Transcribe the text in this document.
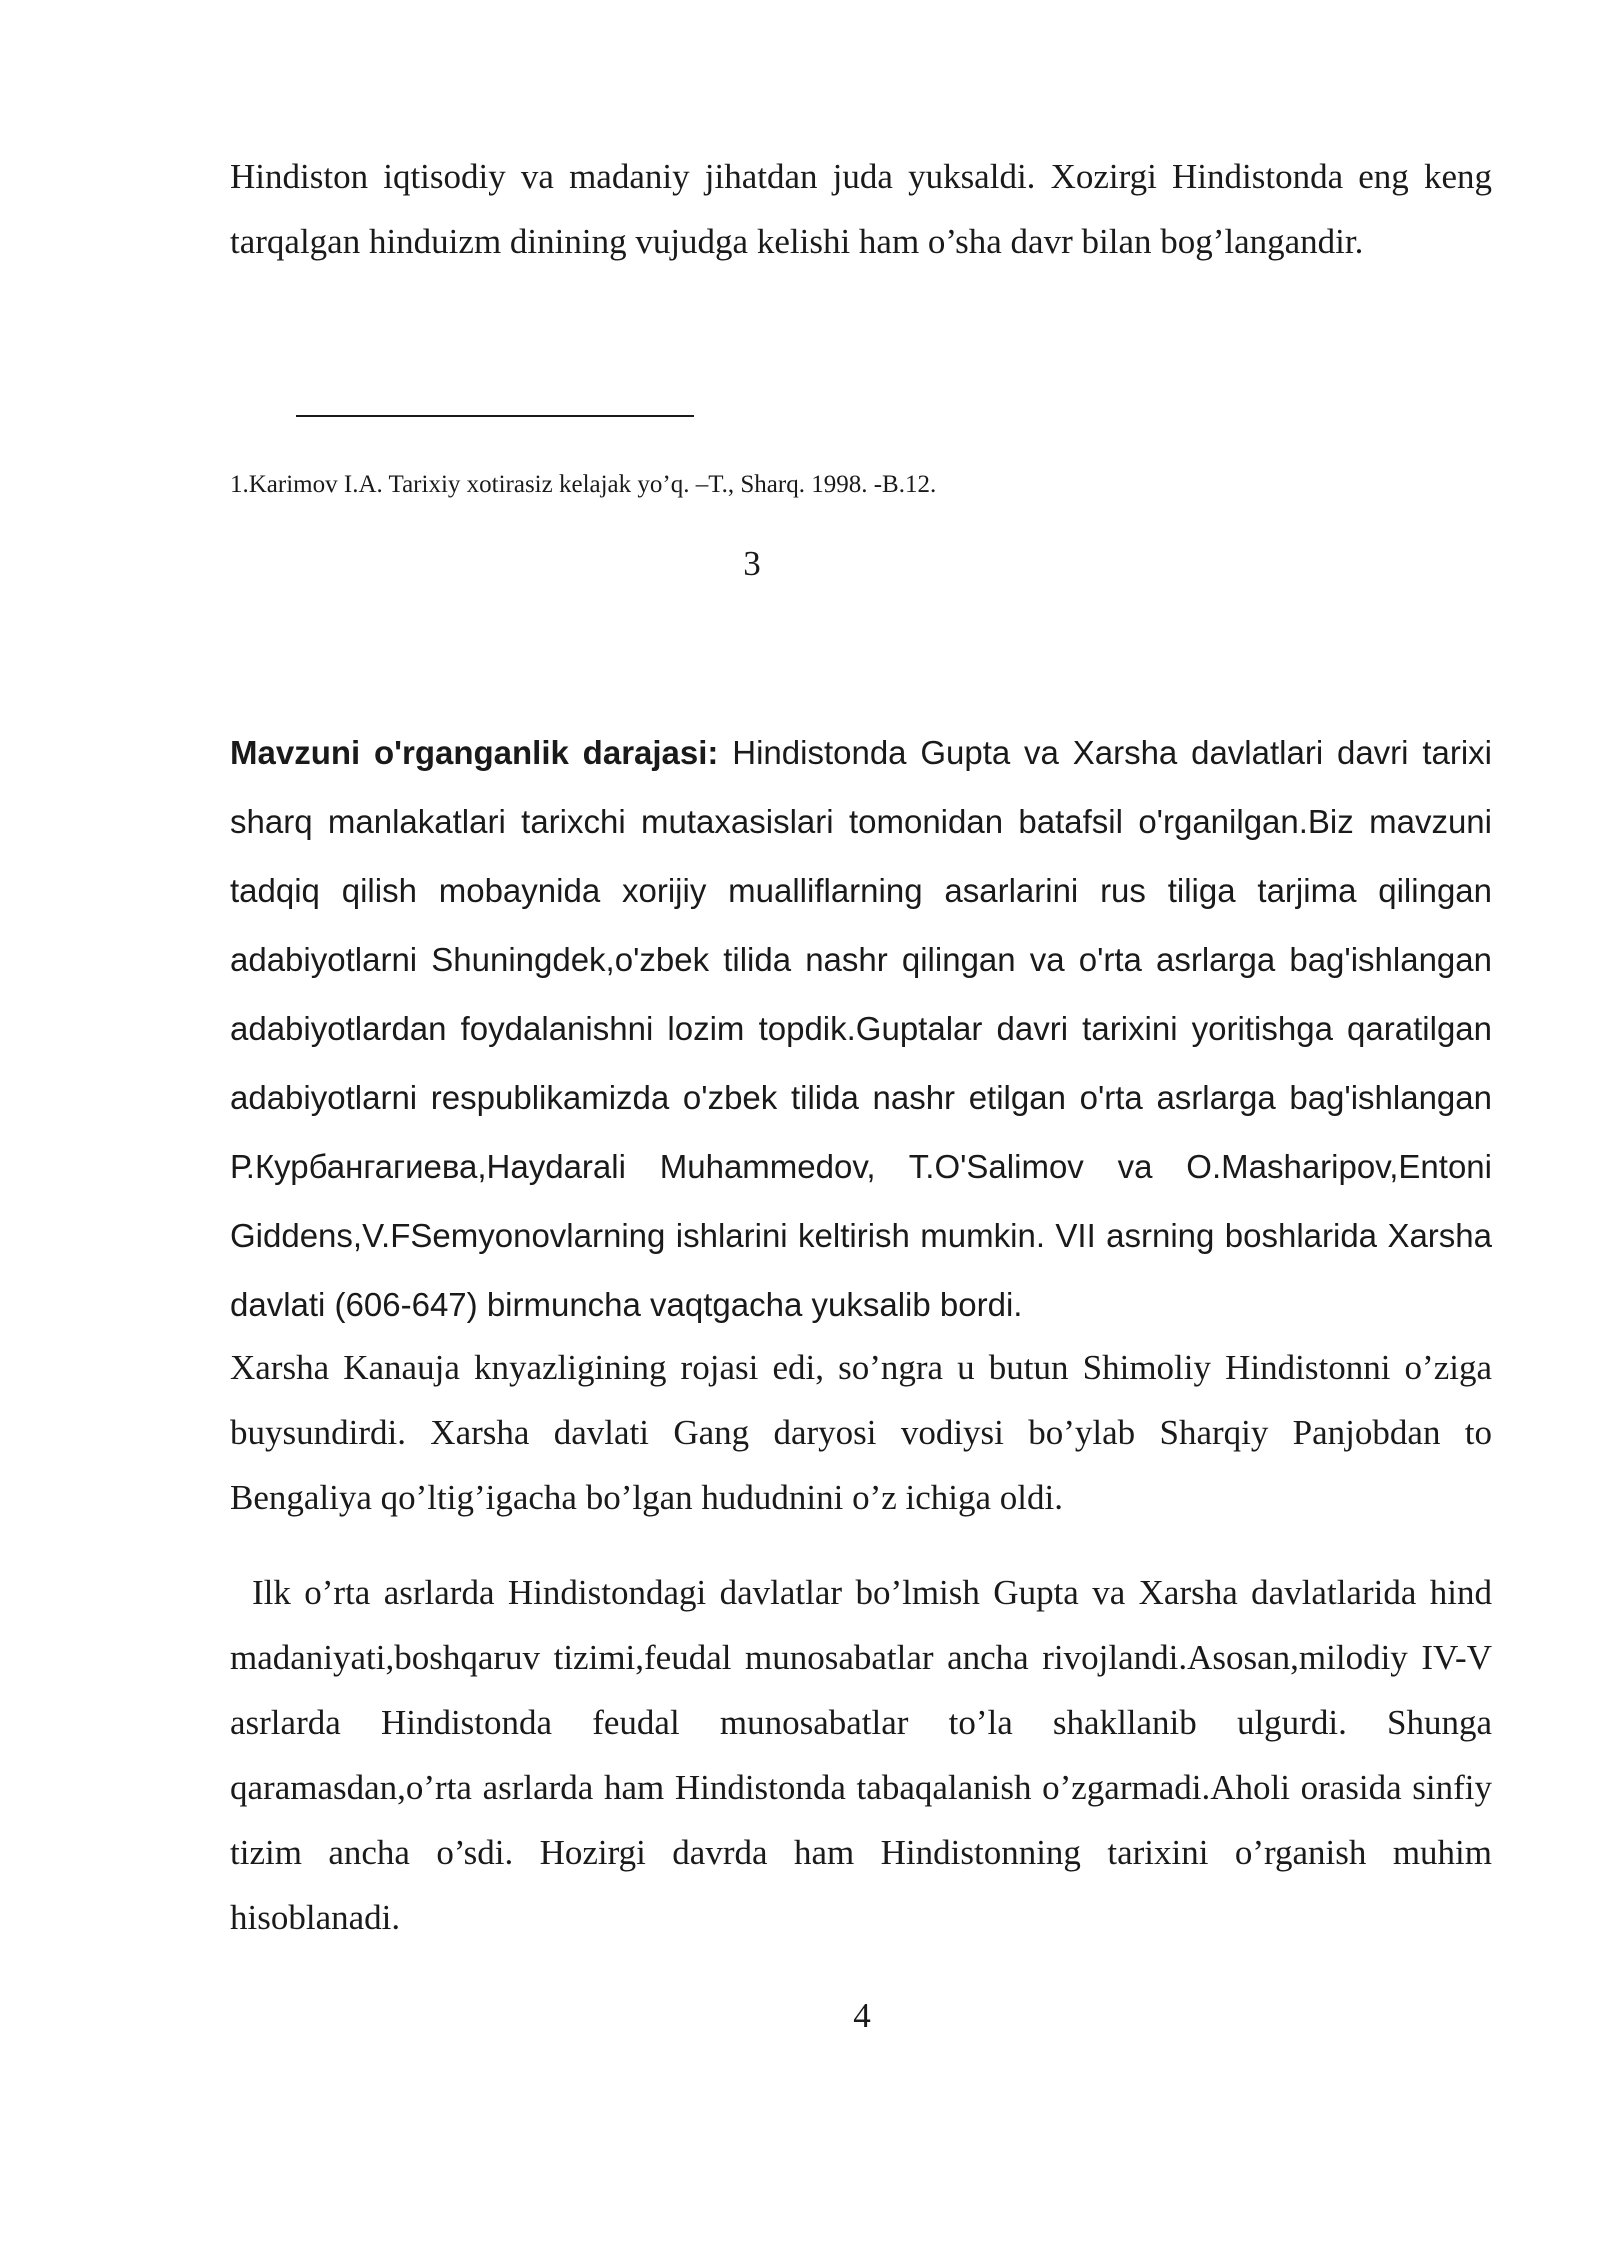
Hindiston iqtisodiy va madaniy jihatdan juda yuksaldi. Xozirgi Hindistonda eng keng tarqalgan hinduizm dinining vujudga kelishi ham o’sha davr bilan bog’langandir.

1.Karimov I.A. Tarixiy xotirasiz kelajak yo’q. –T., Sharq. 1998. -B.12.
3

Mavzuni o'rganganlik darajasi: Hindistonda Gupta va Xarsha davlatlari davri tarixi sharq manlakatlari tarixchi mutaxasislari tomonidan batafsil o'rganilgan.Biz mavzuni tadqiq qilish mobaynida xorijiy mualliflarning asarlarini rus tiliga tarjima qilingan adabiyotlarni Shuningdek,o'zbek tilida nashr qilingan va o'rta asrlarga bag'ishlangan adabiyotlardan foydalanishni lozim topdik.Guptalar davri tarixini yoritishga qaratilgan adabiyotlarni respublikamizda o'zbek tilida nashr etilgan o'rta asrlarga bag'ishlangan Р.Курбангагиева,Haydarali Muhammedov, T.O'Salimov va O.Masharipov,Entoni Giddens,V.FSemyonovlarning ishlarini keltirish mumkin. VII asrning boshlarida Xarsha davlati (606-647) birmuncha vaqtgacha yuksalib bordi.

Xarsha Kanauja knyazligining rojasi edi, so’ngra u butun Shimoliy Hindistonni o’ziga buysundirdi. Xarsha davlati Gang daryosi vodiysi bo’ylab Sharqiy Panjobdan to Bengaliya qo’ltig’igacha bo’lgan hududnini o’z ichiga oldi.

Ilk o’rta asrlarda Hindistondagi davlatlar bo’lmish Gupta va Xarsha davlatlarida hind madaniyati,boshqaruv tizimi,feudal munosabatlar ancha rivojlandi.Asosan,milodiy IV-V asrlarda Hindistonda feudal munosabatlar to’la shakllanib ulgurdi. Shunga qaramasdan,o’rta asrlarda ham Hindistonda tabaqalanish o’zgarmadi.Aholi orasida sinfiy tizim ancha o’sdi. Hozirgi davrda ham Hindistonning tarixini o’rganish muhim hisoblanadi.

4
